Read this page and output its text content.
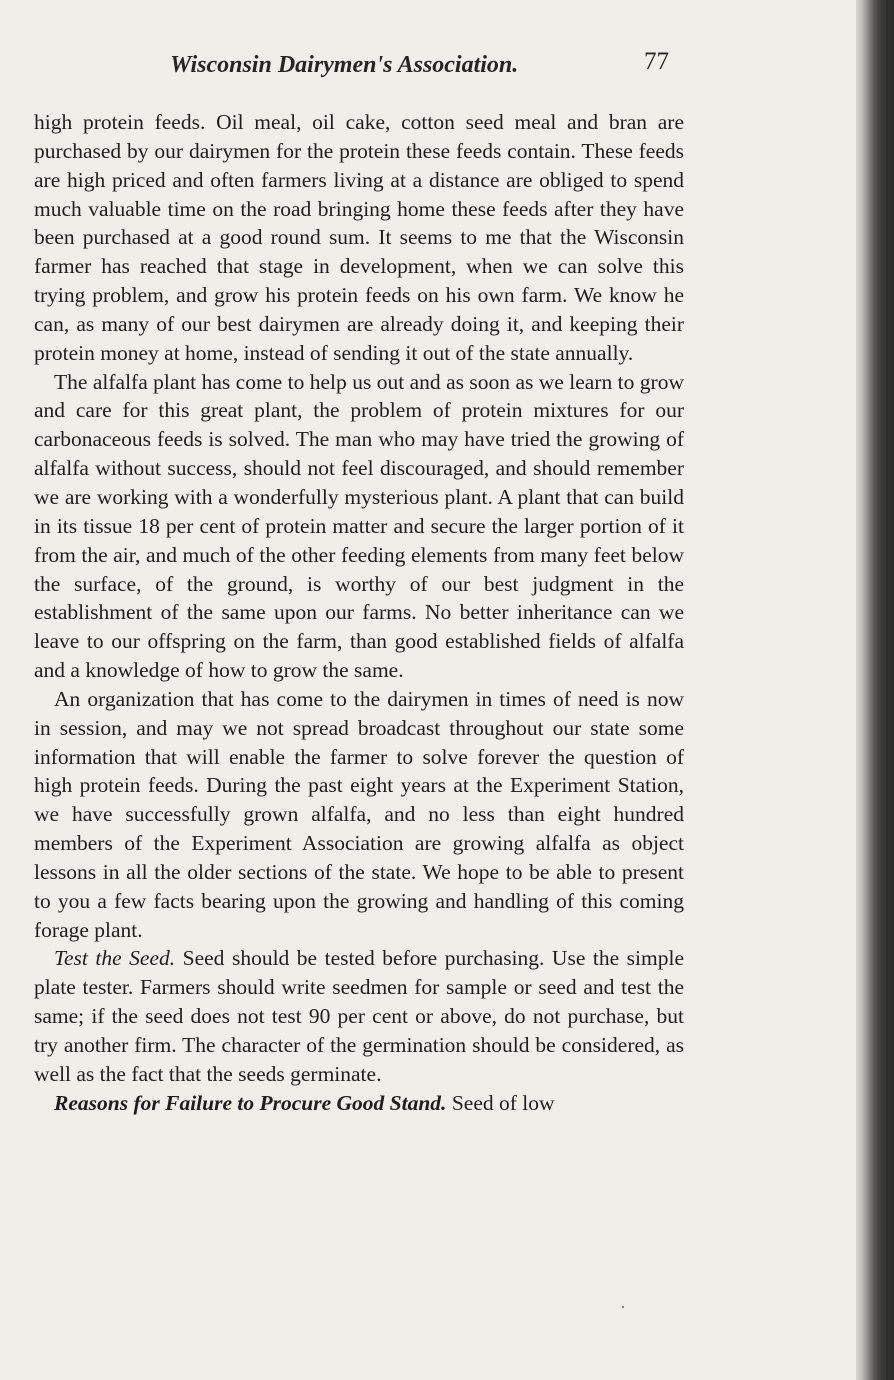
Wisconsin Dairymen's Association.	77

high protein feeds. Oil meal, oil cake, cotton seed meal and bran are purchased by our dairymen for the protein these feeds contain. These feeds are high priced and often farmers living at a distance are obliged to spend much valuable time on the road bringing home these feeds after they have been purchased at a good round sum. It seems to me that the Wisconsin farmer has reached that stage in development, when we can solve this trying problem, and grow his protein feeds on his own farm. We know he can, as many of our best dairymen are already doing it, and keeping their protein money at home, instead of sending it out of the state annually.

The alfalfa plant has come to help us out and as soon as we learn to grow and care for this great plant, the problem of protein mixtures for our carbonaceous feeds is solved. The man who may have tried the growing of alfalfa without success, should not feel discouraged, and should remember we are working with a wonderfully mysterious plant. A plant that can build in its tissue 18 per cent of protein matter and secure the larger portion of it from the air, and much of the other feeding elements from many feet below the surface, of the ground, is worthy of our best judgment in the establishment of the same upon our farms. No better inheritance can we leave to our offspring on the farm, than good established fields of alfalfa and a knowledge of how to grow the same.

An organization that has come to the dairymen in times of need is now in session, and may we not spread broadcast throughout our state some information that will enable the farmer to solve forever the question of high protein feeds. During the past eight years at the Experiment Station, we have successfully grown alfalfa, and no less than eight hundred members of the Experiment Association are growing alfalfa as object lessons in all the older sections of the state. We hope to be able to present to you a few facts bearing upon the growing and handling of this coming forage plant.

Test the Seed. Seed should be tested before purchasing. Use the simple plate tester. Farmers should write seedmen for sample or seed and test the same; if the seed does not test 90 per cent or above, do not purchase, but try another firm. The character of the germination should be considered, as well as the fact that the seeds germinate.

Reasons for Failure to Procure Good Stand. Seed of low
